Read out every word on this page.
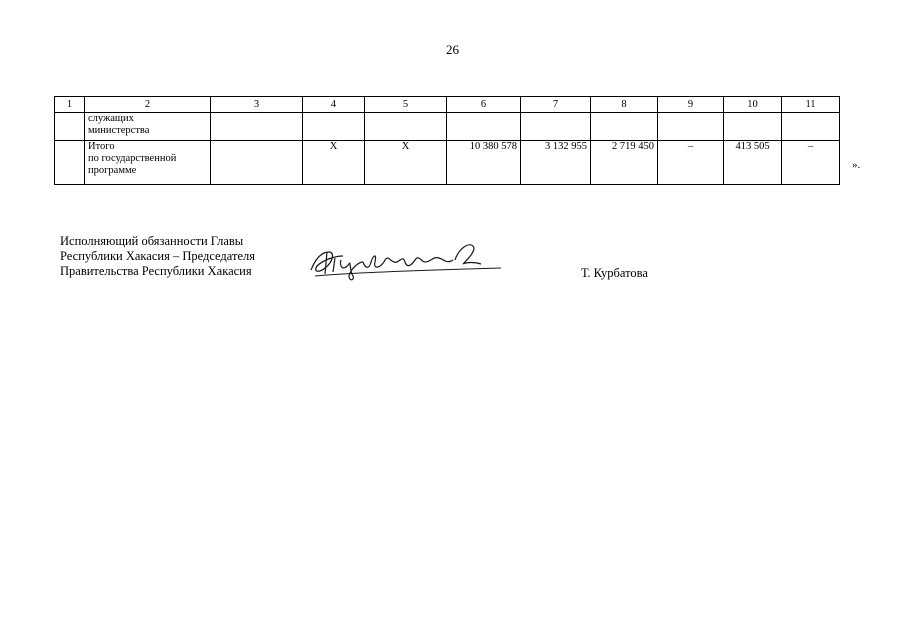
26
1	2	3	4	5	6	7	8	9	10	11
	служащих
министерства									
	Итого
по государственной
программе		Х	Х	10 380 578	3 132 955	2 719 450	–	413 505	–
».
Исполняющий обязанности Главы
Республики Хакасия – Председателя
Правительства Республики Хакасия	Т. Курбатова
